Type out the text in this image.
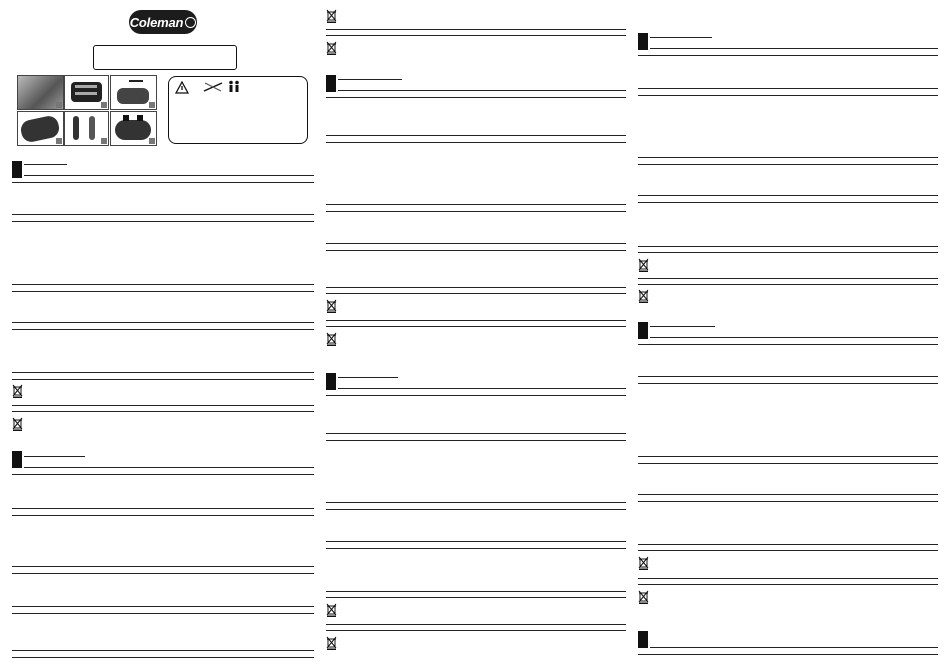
Coleman
